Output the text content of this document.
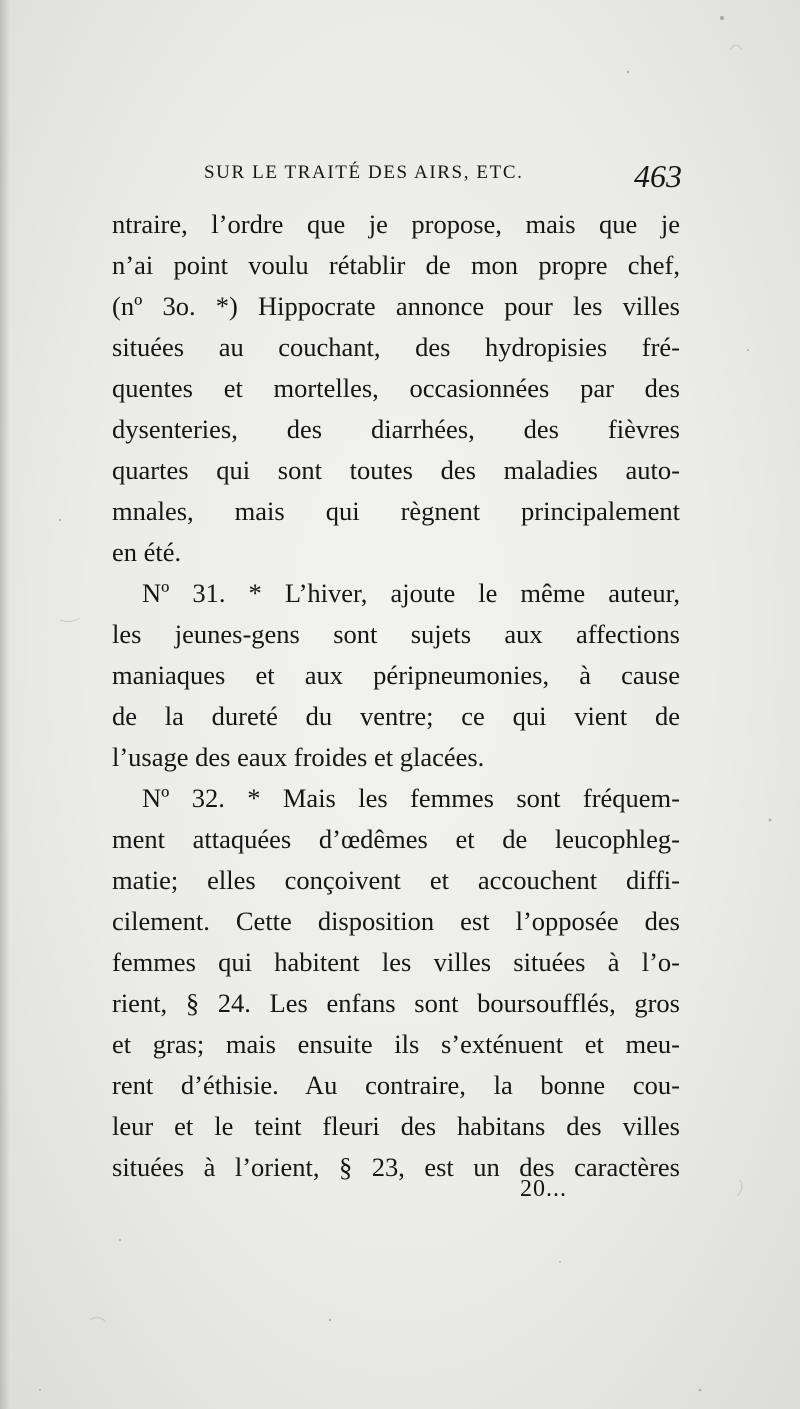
SUR LE TRAITÉ DES AIRS, ETC.	463
ntraire, l’ordre que je propose, mais que je
n’ai point voulu rétablir de mon propre chef,
(nº 3o. *) Hippocrate annonce pour les villes
situées au couchant, des hydropisies fré-
quentes et mortelles, occasionnées par des
dysenteries, des diarrhées, des fièvres
quartes qui sont toutes des maladies auto-
mnales, mais qui règnent principalement
en été.
Nº 31. * L’hiver, ajoute le même auteur,
les jeunes-gens sont sujets aux affections
maniaques et aux péripneumonies, à cause
de la dureté du ventre; ce qui vient de
l’usage des eaux froides et glacées.
Nº 32. * Mais les femmes sont fréquem-
ment attaquées d’œdêmes et de leucophleg-
matie; elles conçoivent et accouchent diffi-
cilement. Cette disposition est l’opposée des
femmes qui habitent les villes situées à l’o-
rient, § 24. Les enfans sont boursoufflés, gros
et gras; mais ensuite ils s’exténuent et meu-
rent d’éthisie. Au contraire, la bonne cou-
leur et le teint fleuri des habitans des villes
situées à l’orient, § 23, est un des caractères
20...
